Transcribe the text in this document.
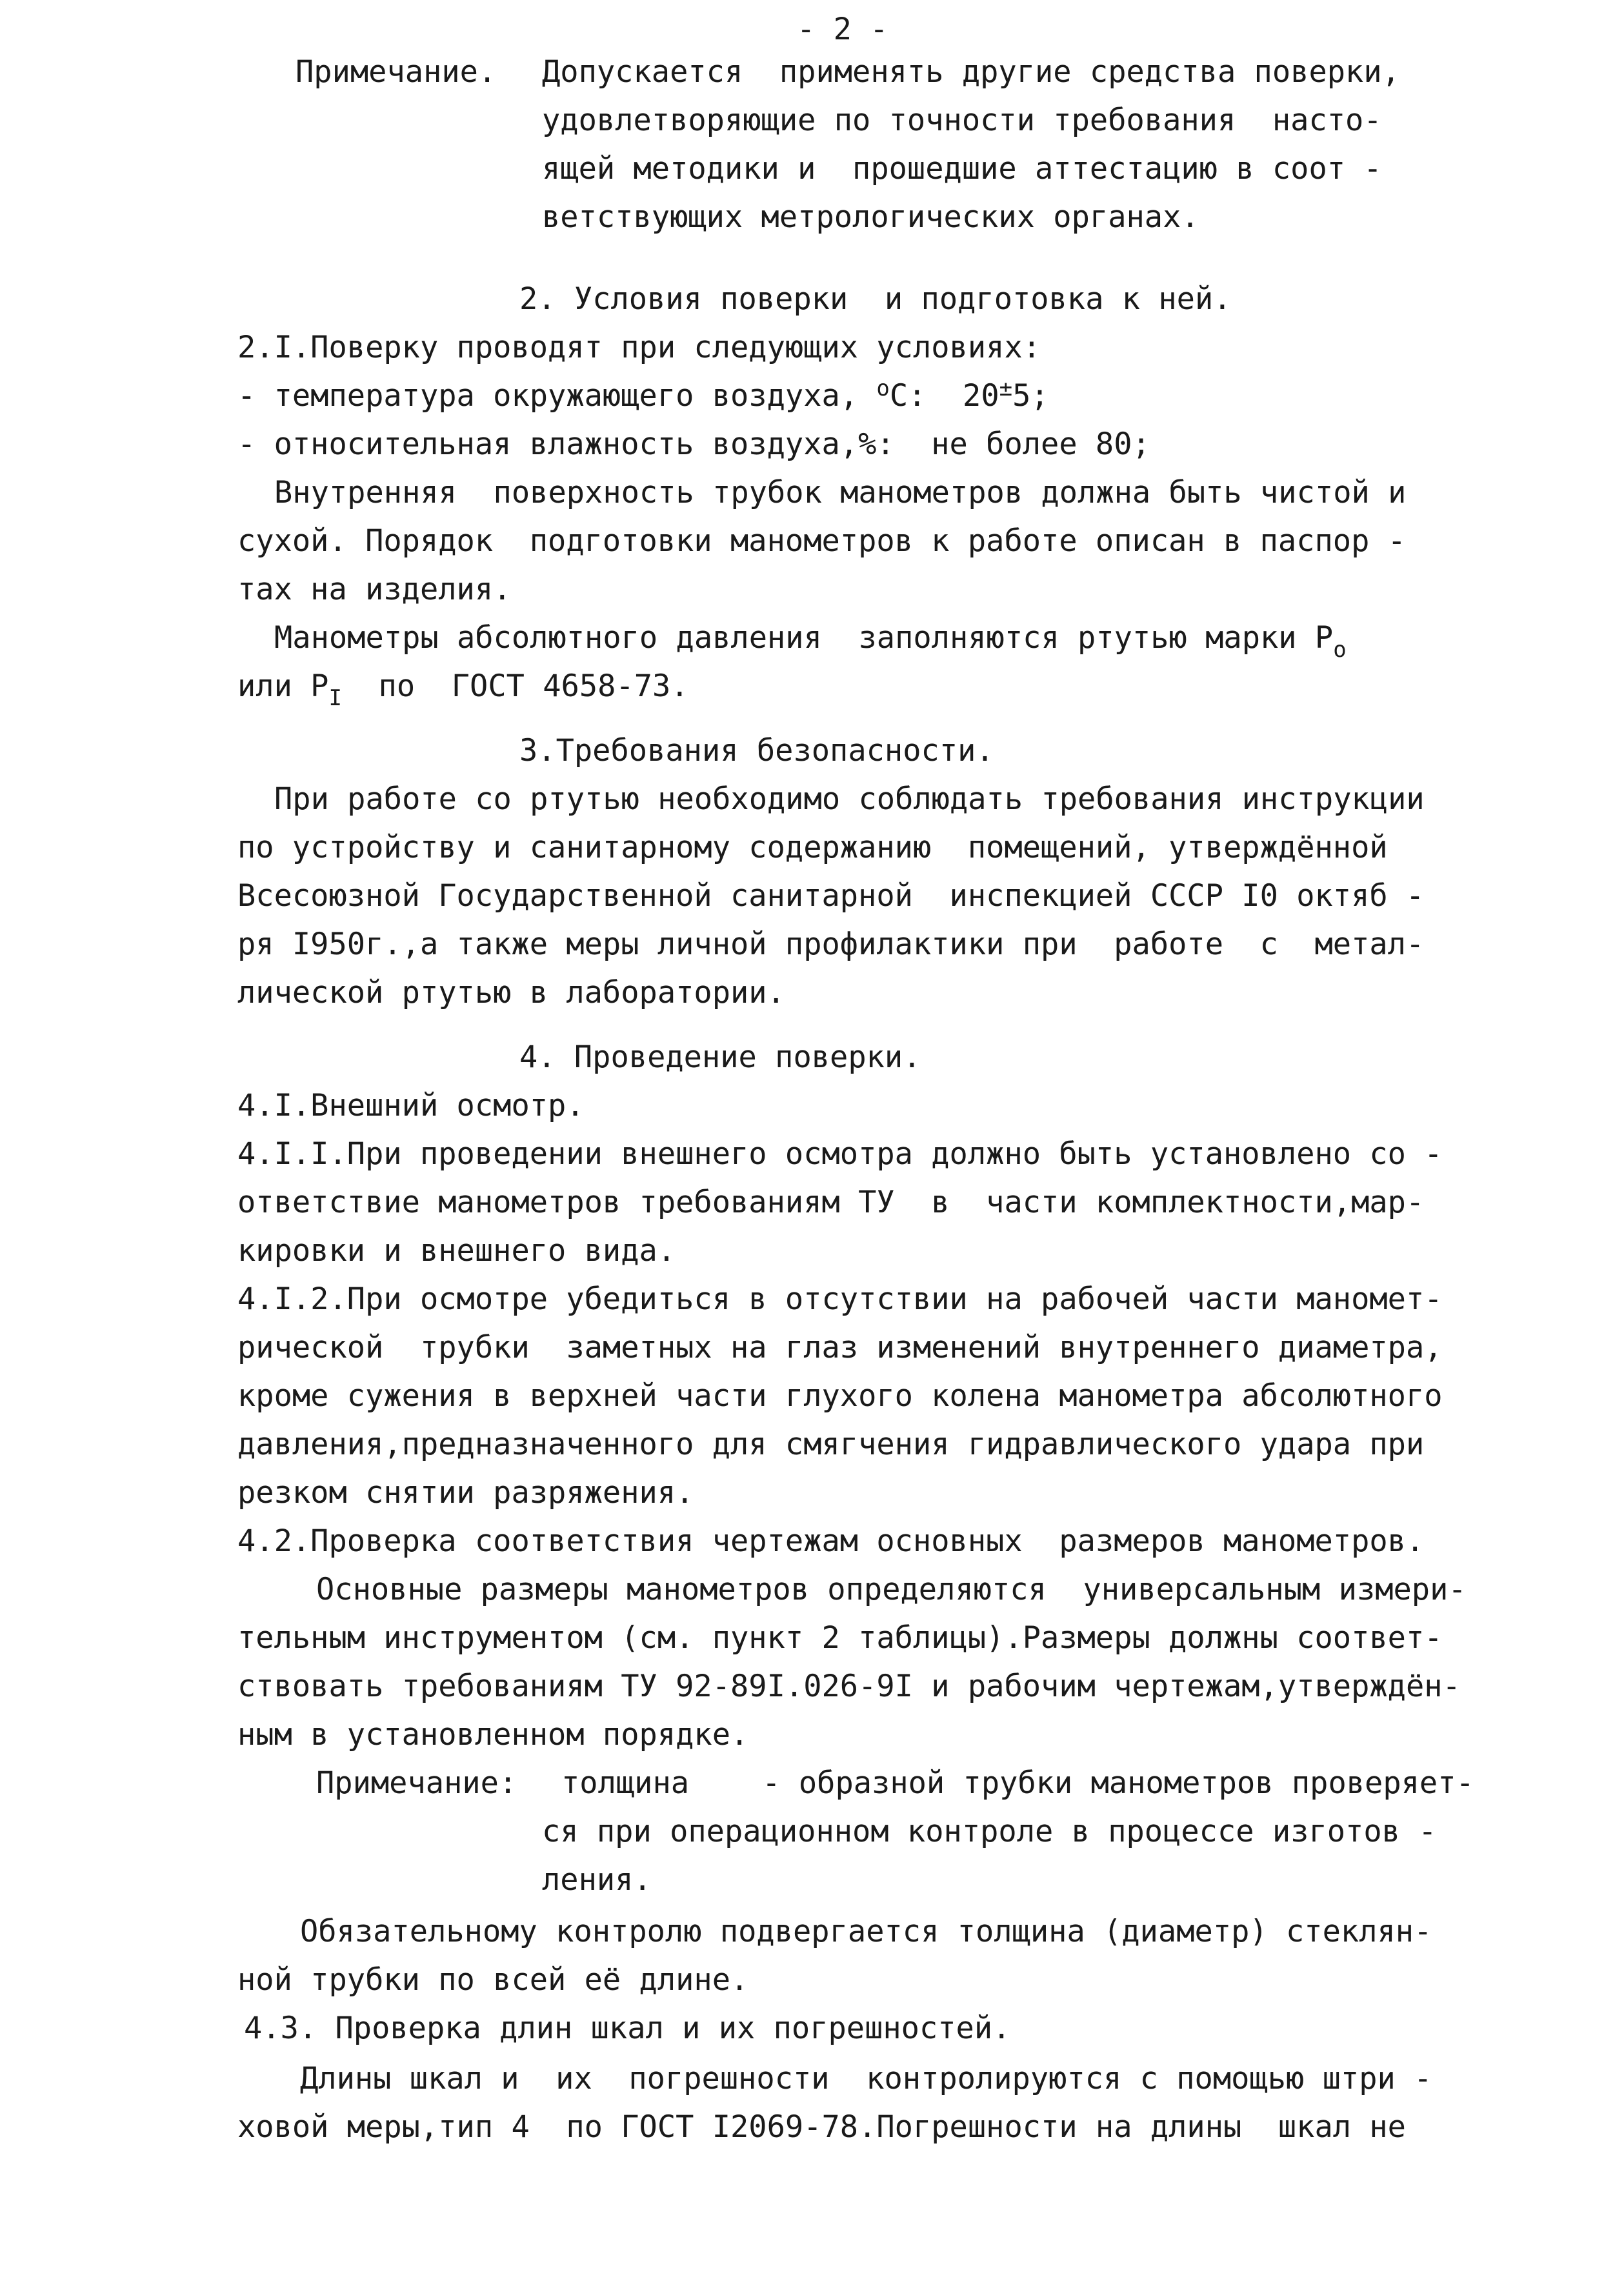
- 2 -
Примечание. Допускается  применять другие средства поверки,
удовлетворяющие по точности требования  насто-
ящей методики и  прошедшие аттестацию в соот -
ветствующих метрологических органах.
2. Условия поверки  и подготовка к ней.
2.I.Поверку проводят при следующих условиях:
- температура окружающего воздуха, $^о$С:  20±5;
- относительная влажность воздуха,%:  не более 80;
Внутренняя  поверхность трубок манометров должна быть чистой и
сухой. Порядок  подготовки манометров к работе описан в паспор -
тах на изделия.
Манометры абсолютного давления  заполняются ртутью марки $Р_о$
или $Р_I$  по  ГОСТ 4658-73.
3.Требования безопасности.
При работе со ртутью необходимо соблюдать требования инструкции
по устройству и санитарному содержанию  помещений, утверждённой
Всесоюзной Государственной санитарной  инспекцией СССР I0 октяб -
ря I950г.,а также меры личной профилактики при  работе  с  метал-
лической ртутью в лаборатории.
4. Проведение поверки.
4.I.Внешний осмотр.
4.I.I.При проведении внешнего осмотра должно быть установлено со -
ответствие манометров требованиям ТУ  в  части комплектности,мар-
кировки и внешнего вида.
4.I.2.При осмотре убедиться в отсутствии на рабочей части маномет-
рической  трубки  заметных на глаз изменений внутреннего диаметра,
кроме сужения в верхней части глухого колена манометра абсолютного
давления,предназначенного для смягчения гидравлического удара при
резком снятии разряжения.
4.2.Проверка соответствия чертежам основных  размеров манометров.
Основные размеры манометров определяются  универсальным измери-
тельным инструментом (см. пункт 2 таблицы).Размеры должны соответ-
ствовать требованиям ТУ 92-89I.026-9I и рабочим чертежам,утверждён-
ным в установленном порядке.
Примечание: толщина    - образной трубки манометров проверяет-
ся при операционном контроле в процессе изготов -
ления.
Обязательному контролю подвергается толщина (диаметр) стеклян-
ной трубки по всей её длине.
4.3. Проверка длин шкал и их погрешностей.
Длины шкал и  их  погрешности  контролируются с помощью штри -
ховой меры,тип 4  по ГОСТ I2069-78.Погрешности на длины  шкал не
